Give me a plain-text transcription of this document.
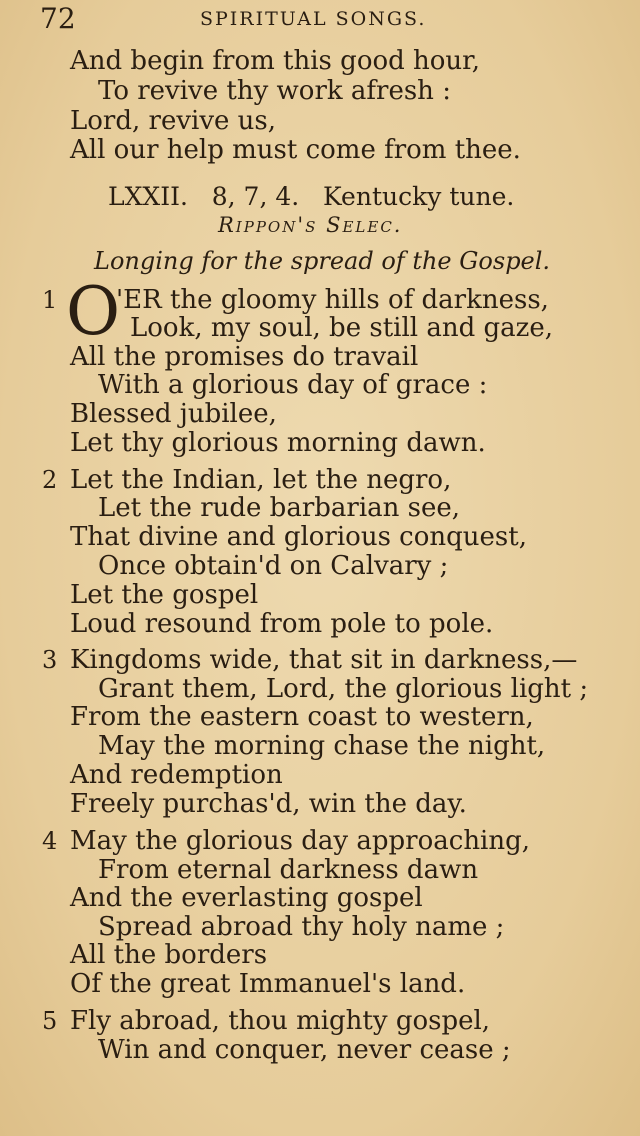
72	SPIRITUAL SONGS.
And begin from this good hour,
To revive thy work afresh :
Lord, revive us,
All our help must come from thee.
LXXII. 8, 7, 4. Kentucky tune.
Rippon's Selec.
Longing for the spread of the Gospel.
1 O
'ER the gloomy hills of darkness,
Look, my soul, be still and gaze,
All the promises do travail
With a glorious day of grace :
Blessed jubilee,
Let thy glorious morning dawn.
2 Let the Indian, let the negro,
Let the rude barbarian see,
That divine and glorious conquest,
Once obtain'd on Calvary ;
Let the gospel
Loud resound from pole to pole.
3 Kingdoms wide, that sit in darkness,—
Grant them, Lord, the glorious light ;
From the eastern coast to western,
May the morning chase the night,
And redemption
Freely purchas'd, win the day.
4 May the glorious day approaching,
From eternal darkness dawn
And the everlasting gospel
Spread abroad thy holy name ;
All the borders
Of the great Immanuel's land.
5 Fly abroad, thou mighty gospel,
Win and conquer, never cease ;
